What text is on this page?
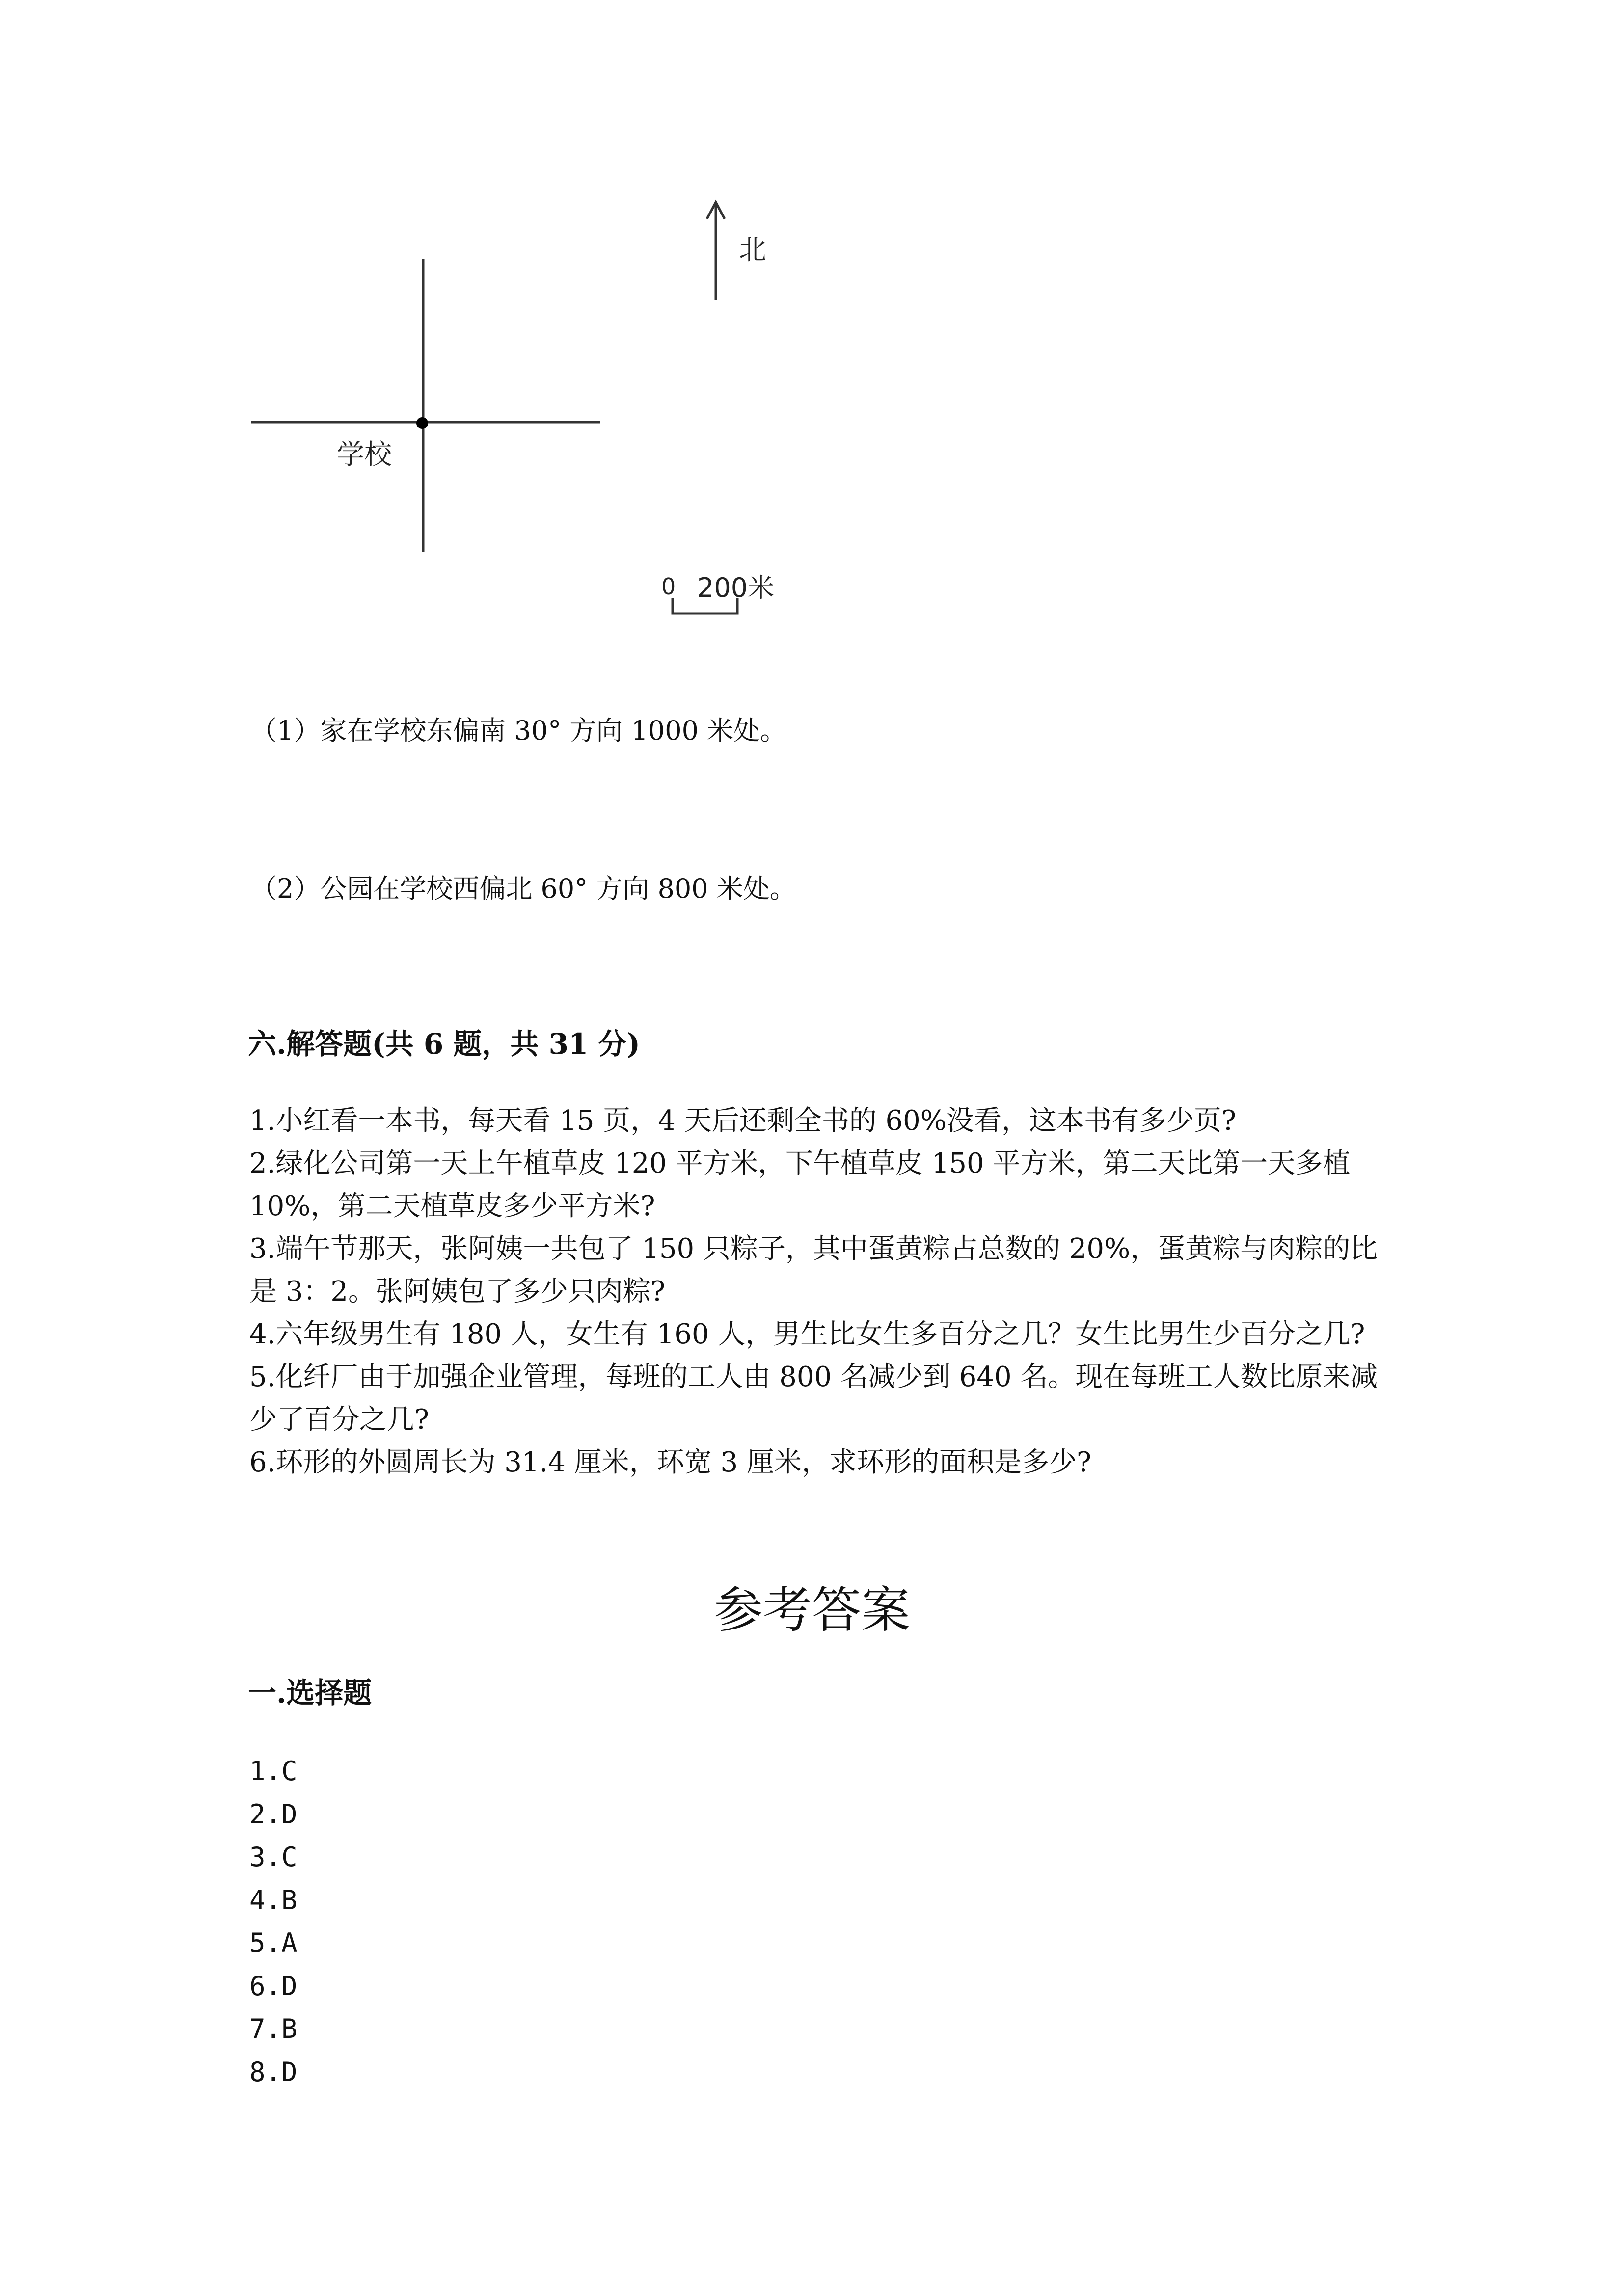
北
学校
0 200米
（1）家在学校东偏南 30° 方向 1000 米处。
（2）公园在学校西偏北 60° 方向 800 米处。
六.解答题(共 6 题，共 31 分)

1.小红看一本书，每天看 15 页，4 天后还剩全书的 60%没看，这本书有多少页?

2.绿化公司第一天上午植草皮 120 平方米，下午植草皮 150 平方米，第二天比第一天多植 10%，第二天植草皮多少平方米?

3.端午节那天，张阿姨一共包了 150 只粽子，其中蛋黄粽占总数的 20%，蛋黄粽与肉粽的比是 3：2。张阿姨包了多少只肉粽?

4.六年级男生有 180 人，女生有 160 人，男生比女生多百分之几？女生比男生少百分之几?

5.化纤厂由于加强企业管理，每班的工人由 800 名减少到 640 名。现在每班工人数比原来减少了百分之几?

6.环形的外圆周长为 31.4 厘米，环宽 3 厘米，求环形的面积是多少?

参考答案
一.选择题

1.C

2.D

3.C

4.B

5.A

6.D

7.B

8.D
